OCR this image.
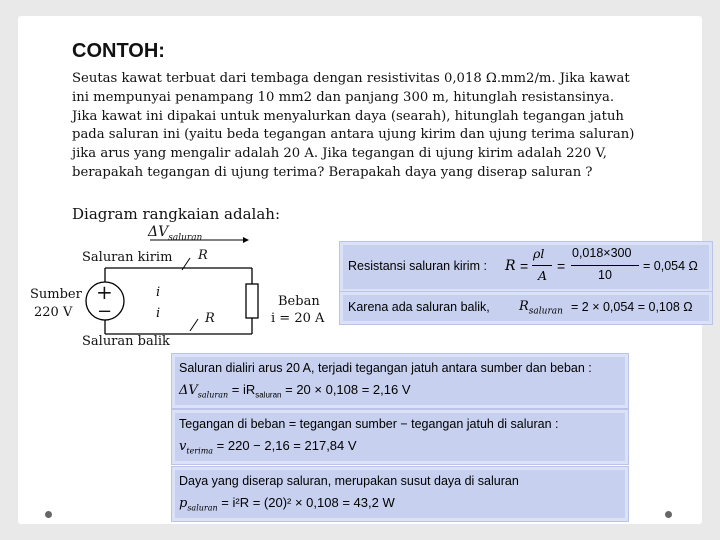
CONTOH:
Seutas kawat terbuat dari tembaga dengan resistivitas 0,018 Ω.mm2/m. Jika kawat
ini mempunyai penampang 10 mm2 dan panjang 300 m, hitunglah resistansinya.
Jika kawat ini dipakai untuk menyalurkan daya (searah), hitunglah tegangan jatuh
pada saluran ini (yaitu beda tegangan antara ujung kirim dan ujung terima saluran)
jika arus yang mengalir adalah 20 A. Jika tegangan di ujung kirim adalah 220 V,
berapakah tegangan di ujung terima? Berapakah daya yang diserap saluran ?
Diagram rangkaian adalah:
$\Delta V_{saluran}$
Saluran kirim R
i
i	R
+
−
Sumber
220 V
Saluran balik
Beban
i = 20 A
Resistansi saluran kirim : R =
ρl
A
=
0,018×300
10
= 0,054 Ω
Karena ada saluran balik, $R_{saluran} = 2 \times 0,054 = 0,108$ Ω
Saluran dialiri arus 20 A, terjadi tegangan jatuh antara sumber dan beban :
$\Delta V_{saluran} = iR_{saluran} = 20 \times 0,108 = 2,16$ V
Tegangan di beban = tegangan sumber − tegangan jatuh di saluran :
$v_{terima} = 220 - 2,16 = 217,84$ V
Daya yang diserap saluran, merupakan susut daya di saluran
$p_{saluran} = i^2R = (20)^2 \times 0,108 = 43,2$ W
